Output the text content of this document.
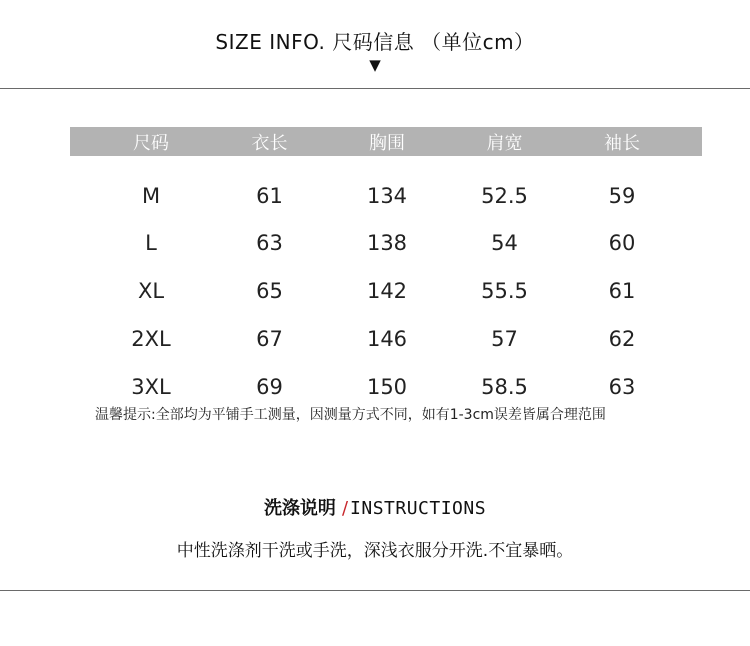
SIZE INFO. 尺码信息 （单位cm）
▼
尺码	衣长	胸围	肩宽	袖长
M	61	134	52.5	59
L	63	138	54	60
XL	65	142	55.5	61
2XL	67	146	57	62
3XL	69	150	58.5	63
温馨提示:全部均为平铺手工测量，因测量方式不同，如有1-3cm误差皆属合理范围
洗涤说明 / INSTRUCTIONS
中性洗涤剂干洗或手洗，深浅衣服分开洗.不宜暴晒。
